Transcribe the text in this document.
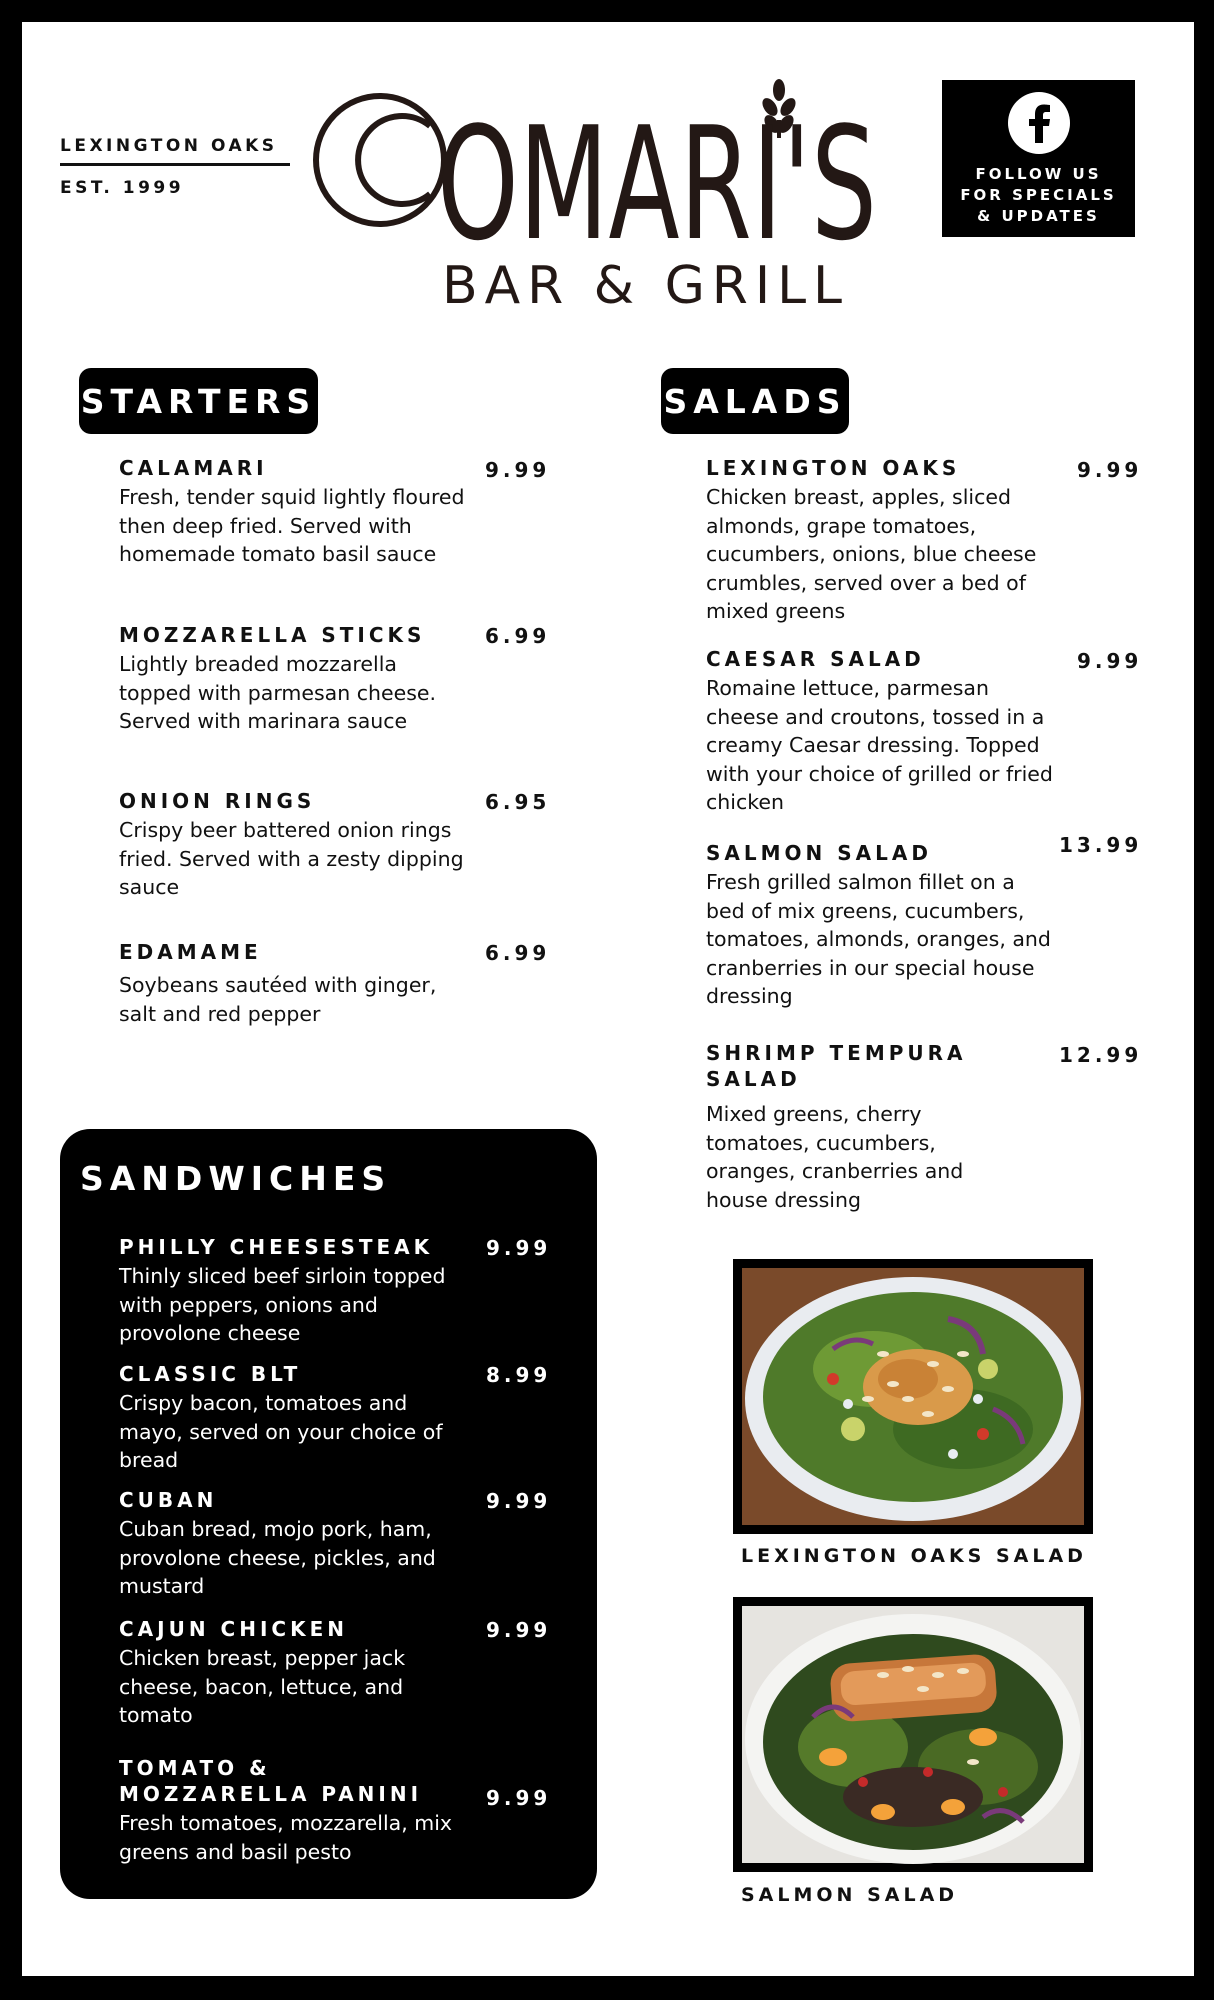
LEXINGTON OAKS
EST. 1999	OMARI'S
BAR & GRILL
FOLLOW US
FOR SPECIALS
& UPDATES
STARTERS
CALAMARI
Fresh, tender squid lightly floured then deep fried. Served with homemade tomato basil sauce
9.99
MOZZARELLA STICKS
Lightly breaded mozzarella topped with parmesan cheese. Served with marinara sauce
6.99
ONION RINGS
Crispy beer battered onion rings fried. Served with a zesty dipping sauce
6.95
EDAMAME
Soybeans sautéed with ginger, salt and red pepper
6.99
SALADS
LEXINGTON OAKS
Chicken breast, apples, sliced almonds, grape tomatoes, cucumbers, onions, blue cheese crumbles, served over a bed of mixed greens
9.99
CAESAR SALAD
Romaine lettuce, parmesan cheese and croutons, tossed in a creamy Caesar dressing. Topped with your choice of grilled or fried chicken
9.99
SALMON SALAD
Fresh grilled salmon fillet on a bed of mix greens, cucumbers, tomatoes, almonds, oranges, and cranberries in our special house dressing
13.99
SHRIMP TEMPURA SALAD
Mixed greens, cherry tomatoes, cucumbers, oranges, cranberries and house dressing
12.99
SANDWICHES
PHILLY CHEESESTEAK
Thinly sliced beef sirloin topped with peppers, onions and provolone cheese
9.99
CLASSIC BLT
Crispy bacon, tomatoes and mayo, served on your choice of bread
8.99
CUBAN
Cuban bread, mojo pork, ham, provolone cheese, pickles, and mustard
9.99
CAJUN CHICKEN
Chicken breast, pepper jack cheese, bacon, lettuce, and tomato
9.99
TOMATO & MOZZARELLA PANINI
Fresh tomatoes, mozzarella, mix greens and basil pesto
9.99
LEXINGTON OAKS SALAD
SALMON SALAD
